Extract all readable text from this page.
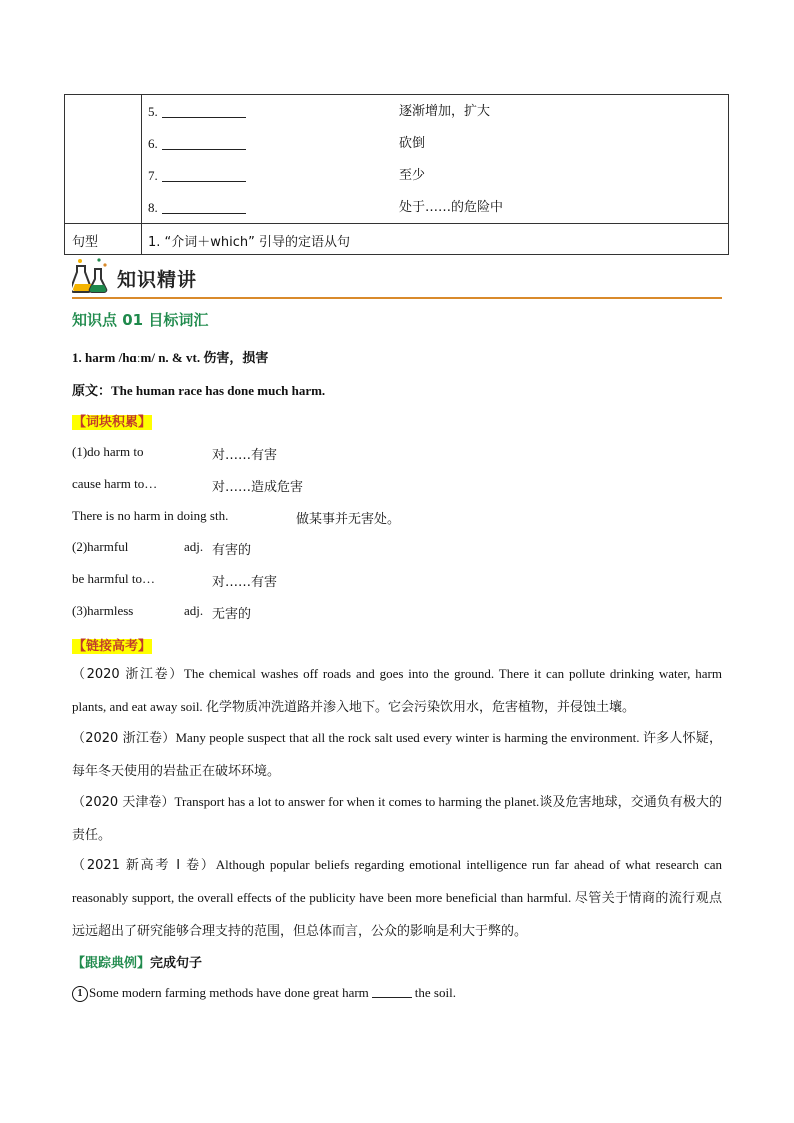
5.	逐渐增加，扩大
6.	砍倒
7.	至少
8.	处于……的危险中
句型	1. “介词＋which” 引导的定语从句
知识精讲
知识点 01 目标词汇
1. harm /hɑːm/ n. & vt. 伤害，损害
原文：The human race has done much harm.
【词块积累】
(1)do harm to	对……有害
cause harm to…	对……造成危害
There is no harm in doing sth.	做某事并无害处。
(2)harmful	adj. 有害的
be harmful to…	对……有害
(3)harmless	adj. 无害的
【链接高考】
（2020 浙江卷）The chemical washes off roads and goes into the ground. There it can pollute drinking water, harm plants, and eat away soil. 化学物质冲洗道路并渗入地下。它会污染饮用水，危害植物，并侵蚀土壤。
（2020 浙江卷）Many people suspect that all the rock salt used every winter is harming the environment. 许多人怀疑，每年冬天使用的岩盐正在破坏环境。
（2020 天津卷）Transport has a lot to answer for when it comes to harming the planet.谈及危害地球，交通负有极大的责任。
（2021 新高考 I 卷）Although popular beliefs regarding emotional intelligence run far ahead of what research can reasonably support, the overall effects of the publicity have been more beneficial than harmful. 尽管关于情商的流行观点远远超出了研究能够合理支持的范围，但总体而言，公众的影响是利大于弊的。
【跟踪典例】完成句子
1 Some modern farming methods have done great harm	the soil.
